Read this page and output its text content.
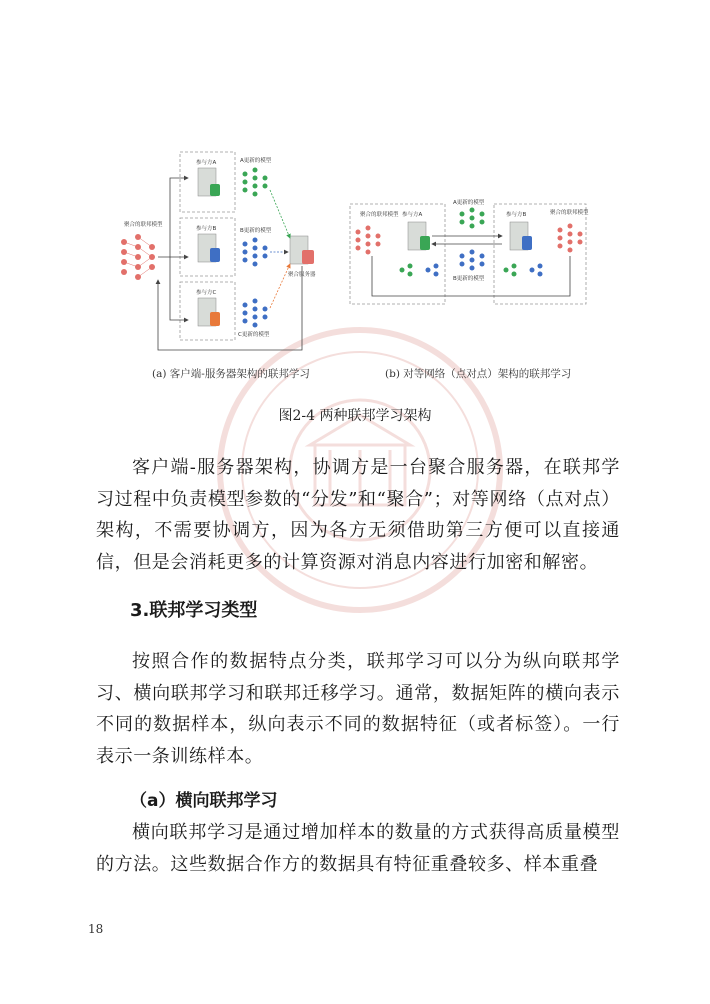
聚合的联邦模型
参与方A	A更新的模型
参与方B	B更新的模型
参与方C
C更新的模型
聚合服务器
聚合的联邦模型 参与方A
A更新的模型
B更新的模型
参与方B	聚合的联邦模型
(a) 客户端-服务器架构的联邦学习	(b) 对等网络（点对点）架构的联邦学习
图2-4 两种联邦学习架构

客户端-服务器架构，协调方是一台聚合服务器，在联邦学习过程中负责模型参数的“分发”和“聚合”；对等网络（点对点）架构，不需要协调方，因为各方无须借助第三方便可以直接通信，但是会消耗更多的计算资源对消息内容进行加密和解密。

3.联邦学习类型

按照合作的数据特点分类，联邦学习可以分为纵向联邦学习、横向联邦学习和联邦迁移学习。通常，数据矩阵的横向表示不同的数据样本，纵向表示不同的数据特征（或者标签）。一行表示一条训练样本。

（a）横向联邦学习

横向联邦学习是通过增加样本的数量的方式获得高质量模型的方法。这些数据合作方的数据具有特征重叠较多、样本重叠

18
